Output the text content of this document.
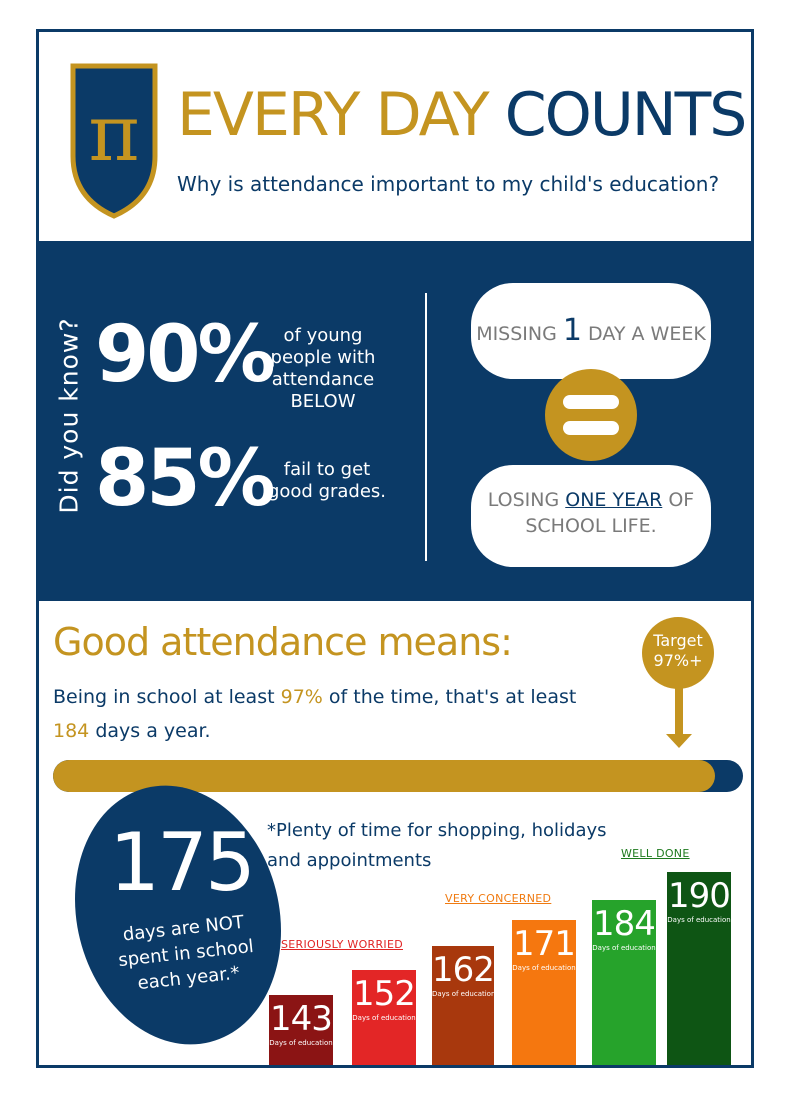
π EVERY DAY COUNTS
Why is attendance important to my child's education?
Did you know? 90% of young people with attendance BELOW
85% fail to get good grades.
MISSING 1 DAY A WEEK
LOSING ONE YEAR OF SCHOOL LIFE.
Good attendance means:
Being in school at least 97% of the time, that's at least 184 days a year.
Target
97%+
175
days are NOT spent in school each year.*
*Plenty of time for shopping, holidays and appointments
SERIOUSLY WORRIED
VERY CONCERNED
WELL DONE
143
Days of education
152
Days of education
162
Days of education
171
Days of education
184
Days of education
190
Days of education
